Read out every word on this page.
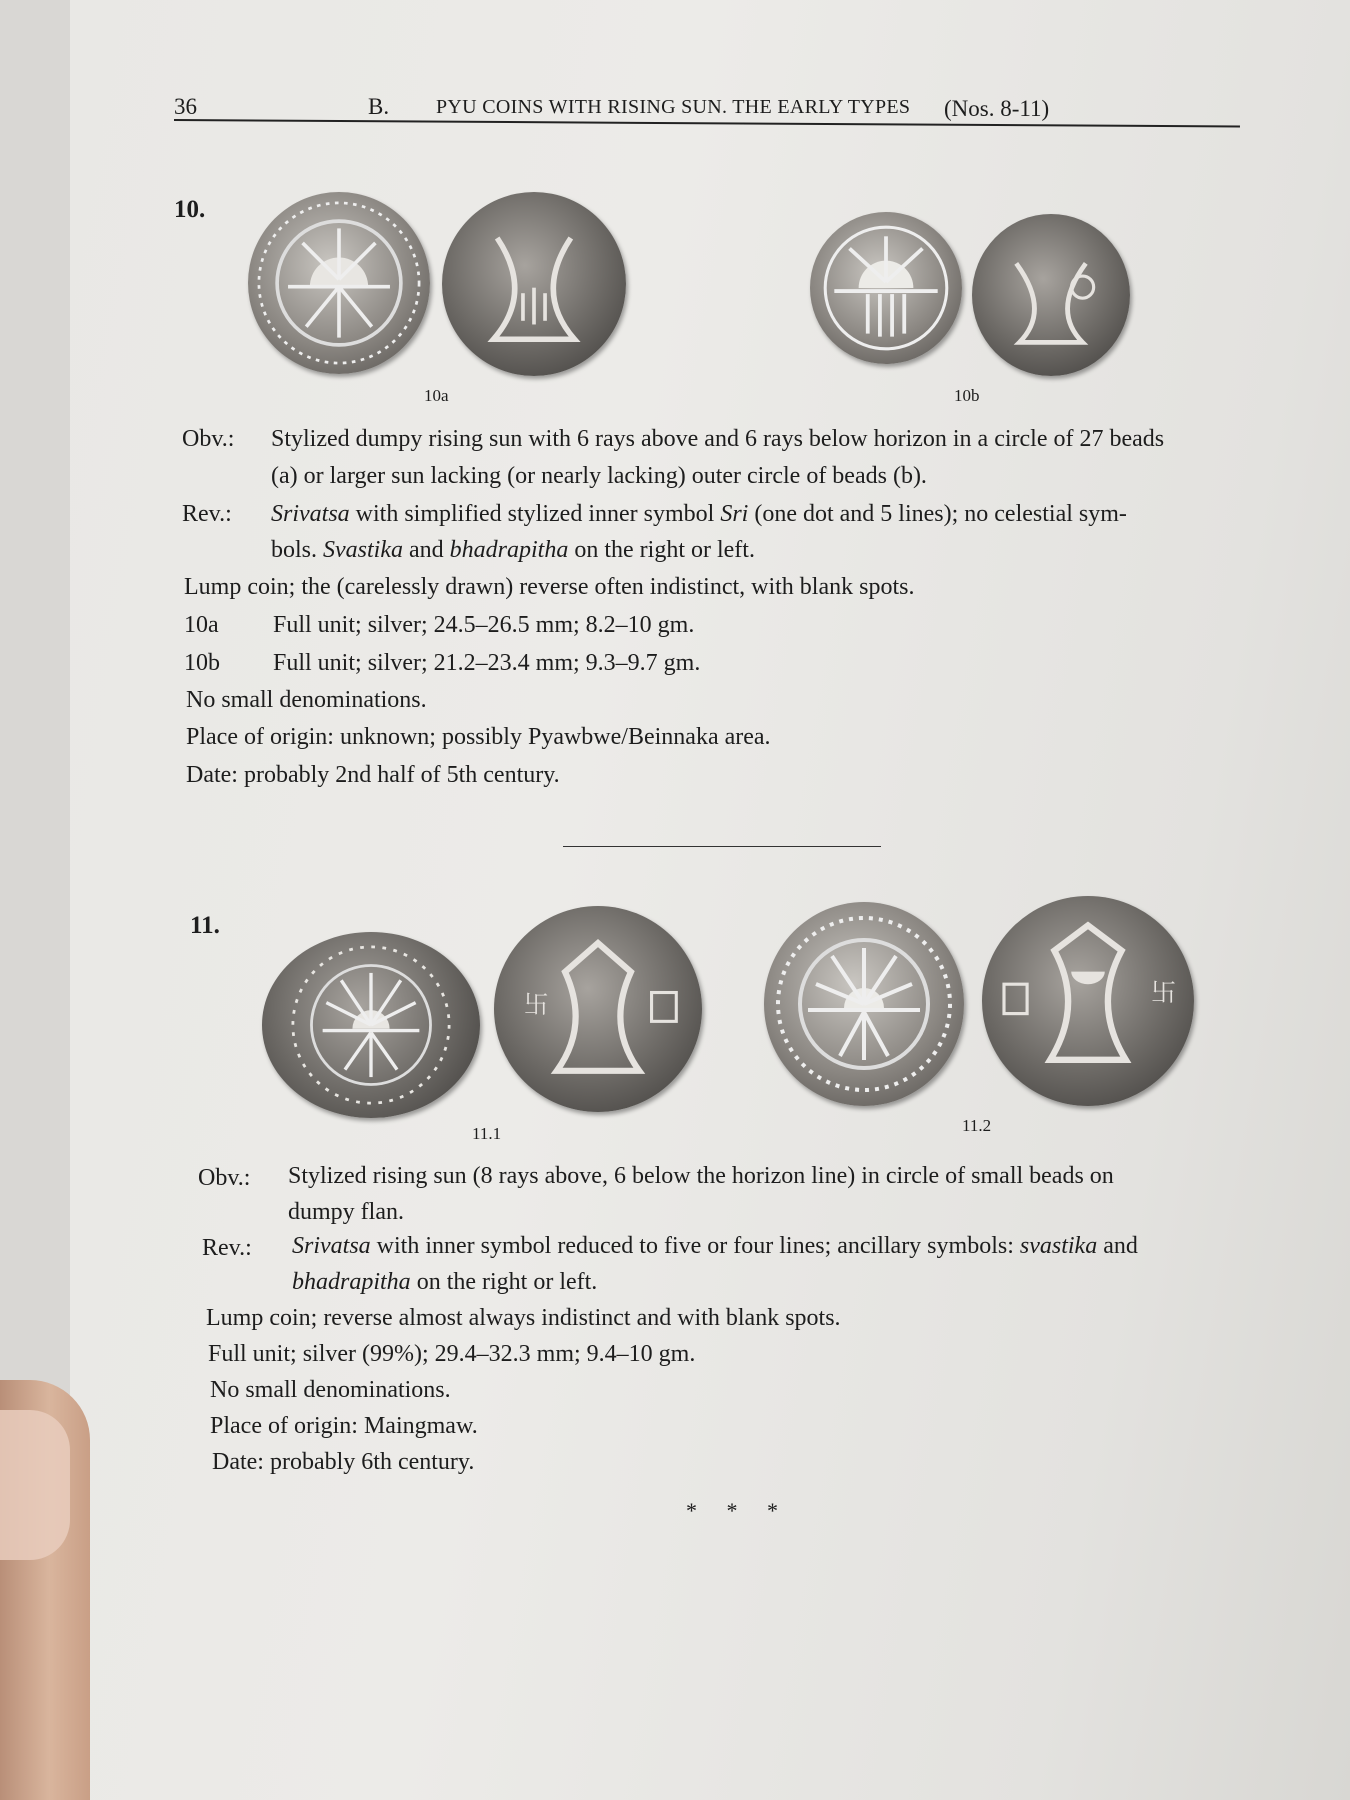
36	B. PYU COINS WITH RISING SUN. THE EARLY TYPES (Nos. 8-11)
10.
10a	10b
Obv.: Stylized dumpy rising sun with 6 rays above and 6 rays below horizon in a circle of 27 beads
(a) or larger sun lacking (or nearly lacking) outer circle of beads (b).
Rev.: Srivatsa with simplified stylized inner symbol Sri (one dot and 5 lines); no celestial sym-
bols. Svastika and bhadrapitha on the right or left.
Lump coin; the (carelessly drawn) reverse often indistinct, with blank spots.
10a Full unit; silver; 24.5–26.5 mm; 8.2–10 gm.
10b Full unit; silver; 21.2–23.4 mm; 9.3–9.7 gm.
No small denominations.
Place of origin: unknown; possibly Pyawbwe/Beinnaka area.
Date: probably 2nd half of 5th century.
11.
卐
11.1
卐
11.2
Obv.: Stylized rising sun (8 rays above, 6 below the horizon line) in circle of small beads on
dumpy flan.
Rev.: Srivatsa with inner symbol reduced to five or four lines; ancillary symbols: svastika and
bhadrapitha on the right or left.
Lump coin; reverse almost always indistinct and with blank spots.
Full unit; silver (99%); 29.4–32.3 mm; 9.4–10 gm.
No small denominations.
Place of origin: Maingmaw.
Date: probably 6th century.
* * *
